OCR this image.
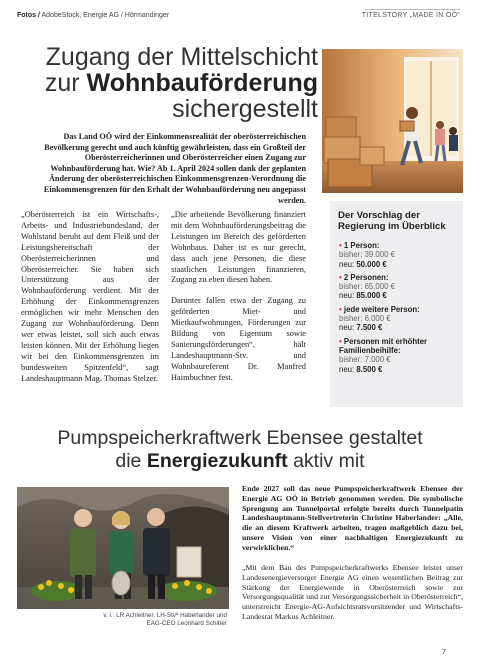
Fotos / AdobeStock, Energie AG / Hörmandinger	TITELSTORY „MADE IN OÖ“
Zugang der Mittelschicht
zur Wohnbauförderung
sichergestellt
Das Land OÖ wird der Einkommensrealität der oberösterreichischen Bevölkerung gerecht und auch künftig gewährleisten, dass ein Großteil der Oberösterreicherinnen und Oberösterreicher einen Zugang zur Wohnbauförderung hat. Wie? Ab 1. April 2024 sollen dank der geplanten Änderung der oberösterreichischen Einkommensgrenzen-Verordnung die Einkommensgrenzen für den Erhalt der Wohnbauförderung neu angepasst werden.

„Oberösterreich ist ein Wirtschafts-, Arbeits- und Industriebundesland, der Wohlstand beruht auf dem Fleiß und der Leistungsbereitschaft der Oberösterreicherinnen und Oberösterreicher. Sie haben sich Unterstützung aus der Wohnbauförderung verdient. Mit der Erhöhung der Einkommensgrenzen ermöglichen wir mehr Menschen den Zugang zur Wohnbauförderung. Denn wer etwas leistet, soll sich auch etwas leisten können. Mit der Erhöhung liegen wir bei den Einkommensgrenzen im bundesweiten Spitzenfeld“, sagt Landeshauptmann Mag. Thomas Stelzer.

„Die arbeitende Bevölkerung finanziert mit dem Wohnbauförderungsbeitrag die Leistungen im Bereich des geförderten Wohnbaus. Daher ist es nur gerecht, dass auch jene Personen, die diese staatlichen Leistungen finanzieren, Zugang zu eben diesen haben.

Darunter fallen etwa der Zugang zu geförderten Miet- und Mietkaufwohnungen, Förderungen zur Bildung von Eigentum sowie Sanierungsförderungen“, hält Landeshauptmann-Stv. und Wohnbaureferent Dr. Manfred Haimbuchner fest.

Der Vorschlag der Regierung im Überblick
• 1 Person:
bisher: 39.000 €
neu: 50.000 €
• 2 Personen:
bisher: 65.000 €
neu: 85.000 €
• jede weitere Person:
bisher: 6.000 €
neu: 7.500 €
• Personen mit erhöhter Familienbeihilfe:
bisher: 7.000 €
neu: 8.500 €
Pumpspeicherkraftwerk Ebensee gestaltet
die Energiezukunft aktiv mit
v. l.: LR Achleitner, LH-Stvª Haberlander und
EAG-CEO Leonhard Schitter
Ende 2027 soll das neue Pumpspeicherkraftwerk Ebensee der Energie AG OÖ in Betrieb genommen werden. Die symbolische Sprengung am Tunnelportal erfolgte bereits durch Tunnelpatin Landeshauptmann-Stellvertreterin Christine Haberlander: „Alle, die an diesem Kraftwerk arbeiten, tragen maßgeblich dazu bei, unsere Vision von einer nachhaltigen Energiezukunft zu verwirklichen.“
„Mit dem Bau des Pumpspeicherkraftwerks Ebensee leistet unser Landesenergieversorger Energie AG einen wesentlichen Beitrag zur Stärkung der Energiewende in Oberösterreich sowie zur Versorgungsqualität und zur Versorgungssicherheit in Oberösterreich“, unterstreicht Energie-AG-Aufsichtsratsvorsitzender und Wirtschafts-Landesrat Markus Achleitner.
7
